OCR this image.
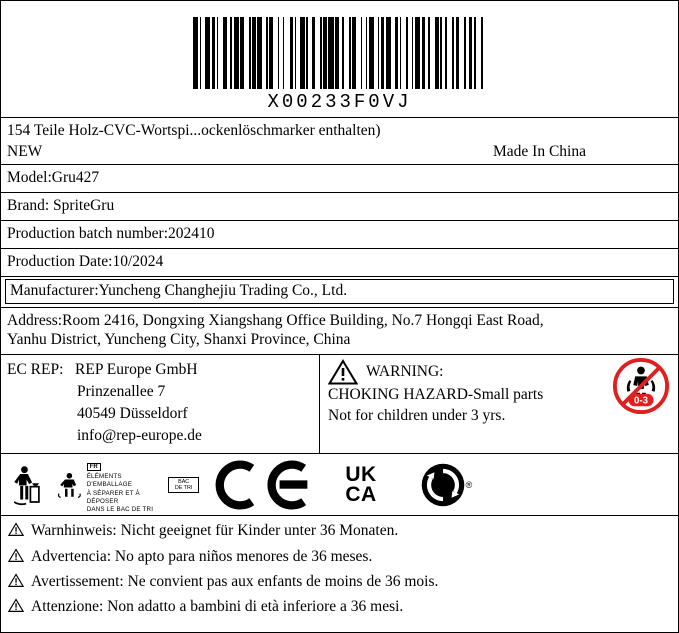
X00233F0VJ
154 Teile Holz-CVC-Wortspi...ockenlöschmarker enthalten)
NEW	Made In China
Model:Gru427
Brand: SpriteGru
Production batch number:202410
Production Date:10/2024
Manufacturer:Yuncheng Changhejiu Trading Co., Ltd.
Address:Room 2416, Dongxing Xiangshang Office Building, No.7 Hongqi East Road,
Yanhu District, Yuncheng City, Shanxi Province, China
EC REP: REP Europe GmbH
Prinzenallee 7
40549 Düsseldorf
info@rep-europe.de
0-3
WARNING:
CHOKING HAZARD-Small parts
Not for children under 3 yrs.
FR
ÉLÉMENTS D'EMBALLAGE
À SÉPARER ET À DÉPOSER
DANS LE BAC DE TRI
BAC
DE TRI
UK
CA	®
Warnhinweis: Nicht geeignet für Kinder unter 36 Monaten.
Advertencia: No apto para niños menores de 36 meses.
Avertissement: Ne convient pas aux enfants de moins de 36 mois.
Attenzione: Non adatto a bambini di età inferiore a 36 mesi.
